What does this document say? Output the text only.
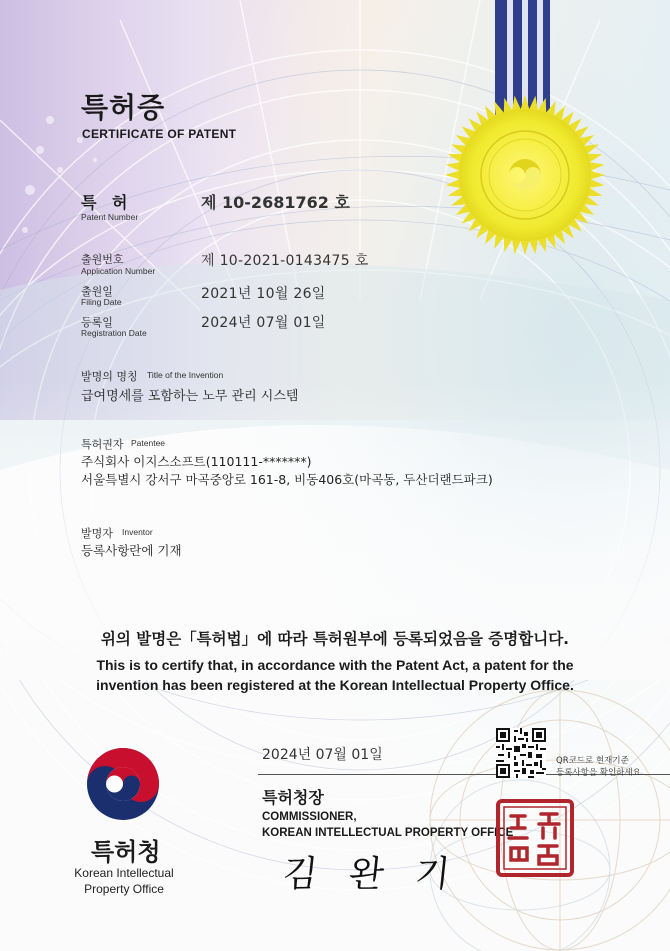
특허증
CERTIFICATE OF PATENT
특 허
Patent Number
제 10-2681762 호
출원번호
Application Number
제 10-2021-0143475 호
출원일
Filing Date	2021년 10월 26일
등록일
Registration Date
2024년 07월 01일
발명의 명칭 Title of the Invention
급여명세를 포함하는 노무 관리 시스템
특허권자 Patentee
주식회사 이지스소프트(110111-*******)
서울특별시 강서구 마곡중앙로 161-8, 비동406호(마곡동, 두산더랜드파크)
발명자 Inventor
등록사항란에 기재
위의 발명은「특허법」에 따라 특허원부에 등록되었음을 증명합니다.
This is to certify that, in accordance with the Patent Act, a patent for the
invention has been registered at the Korean Intellectual Property Office.
2024년 07월 01일	QR코드로 현재기준
등록사항을 확인하세요
특허청
Korean Intellectual
Property Office
특허청장
COMMISSIONER,
KOREAN INTELLECTUAL PROPERTY OFFICE
김 완 기
